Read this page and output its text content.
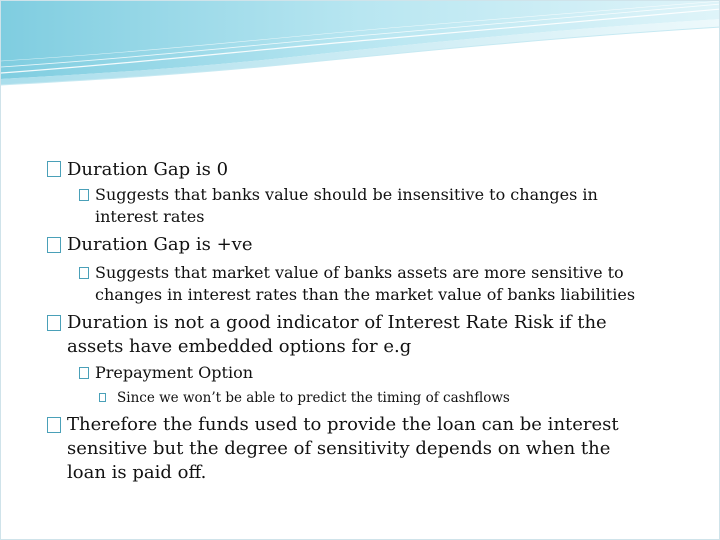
Duration Gap is 0
Suggests that banks value should be insensitive to changes in
interest rates
Duration Gap is +ve
Suggests that market value of banks assets are more sensitive to
changes in interest rates than the market value of banks liabilities
Duration is not a good indicator of Interest Rate Risk if the
assets have embedded options for e.g
Prepayment Option
Since we won’t be able to predict the timing of cashflows
Therefore the funds used to provide the loan can be interest
sensitive but the degree of sensitivity depends on when the
loan is paid off.
